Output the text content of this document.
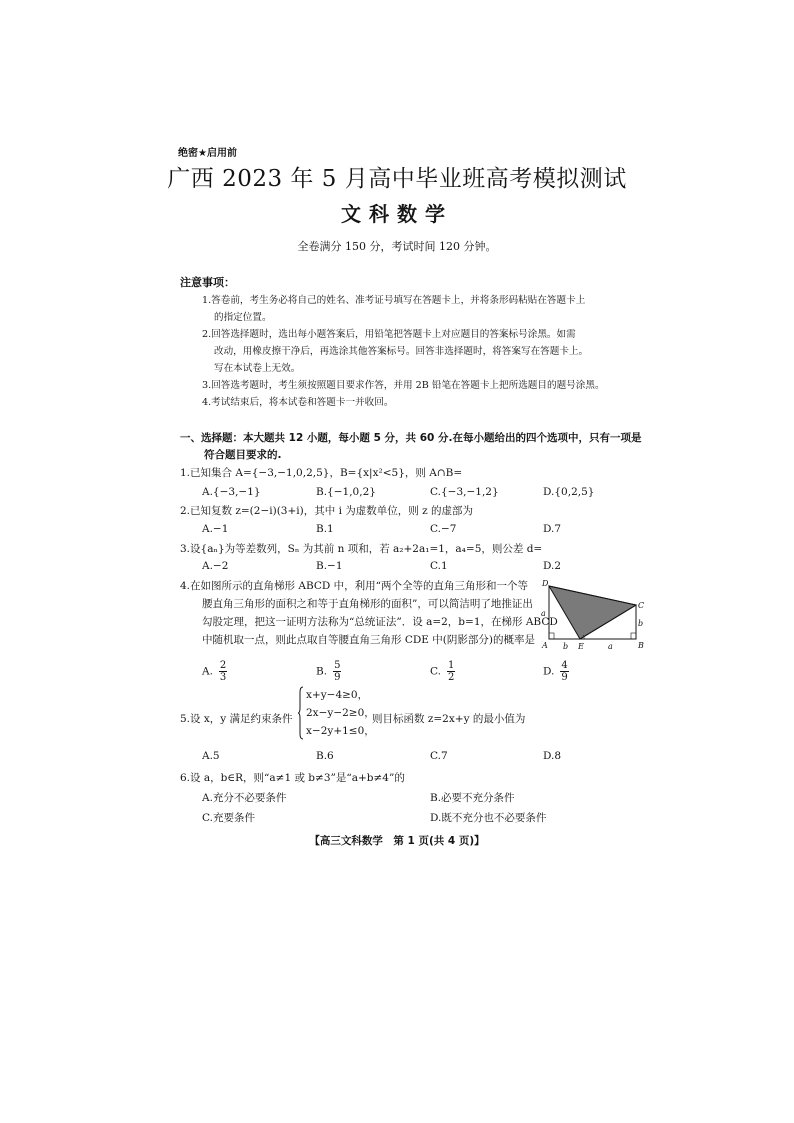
绝密★启用前
广西 2023 年 5 月高中毕业班高考模拟测试
文科数学
全卷满分 150 分，考试时间 120 分钟。
注意事项：
1.答卷前，考生务必将自己的姓名、准考证号填写在答题卡上，并将条形码粘贴在答题卡上
的指定位置。
2.回答选择题时，选出每小题答案后，用铅笔把答题卡上对应题目的答案标号涂黑。如需
改动，用橡皮擦干净后，再选涂其他答案标号。回答非选择题时，将答案写在答题卡上。
写在本试卷上无效。
3.回答选考题时，考生须按照题目要求作答，并用 2B 铅笔在答题卡上把所选题目的题号涂黑。
4.考试结束后，将本试卷和答题卡一并收回。
一、选择题：本大题共 12 小题，每小题 5 分，共 60 分.在每小题给出的四个选项中，只有一项是
符合题目要求的.
1.已知集合 A={−3,−1,0,2,5}，B={x|x²<5}，则 A∩B=
A.{−3,−1}	B.{−1,0,2}	C.{−3,−1,2}	D.{0,2,5}
2.已知复数 z=(2−i)(3+i)，其中 i 为虚数单位，则 z 的虚部为
A.−1	B.1	C.−7	D.7
3.设{aₙ}为等差数列，Sₙ 为其前 n 项和，若 a₂+2a₁=1，a₄=5，则公差 d=
A.−2	B.−1	C.1	D.2
4.在如图所示的直角梯形 ABCD 中，利用“两个全等的直角三角形和一个等
腰直角三角形的面积之和等于直角梯形的面积”，可以简洁明了地推证出
勾股定理，把这一证明方法称为“总统证法”．设 a=2，b=1，在梯形 ABCD
中随机取一点，则此点取自等腰直角三角形 CDE 中(阴影部分)的概率是
D
C
B
A	E
a
b
b	a
A. $\frac{2}{3}$	B. $\frac{5}{9}$	C. $\frac{1}{2}$	D. $\frac{4}{9}$
5.设 x，y 满足约束条件
x+y−4≥0，
2x−y−2≥0，
x−2y+1≤0，
则目标函数 z=2x+y 的最小值为
A.5	B.6	C.7	D.8
6.设 a，b∈R，则“a≠1 或 b≠3”是“a+b≠4”的
A.充分不必要条件	B.必要不充分条件
C.充要条件	D.既不充分也不必要条件
【高三文科数学　第 1 页(共 4 页)】
